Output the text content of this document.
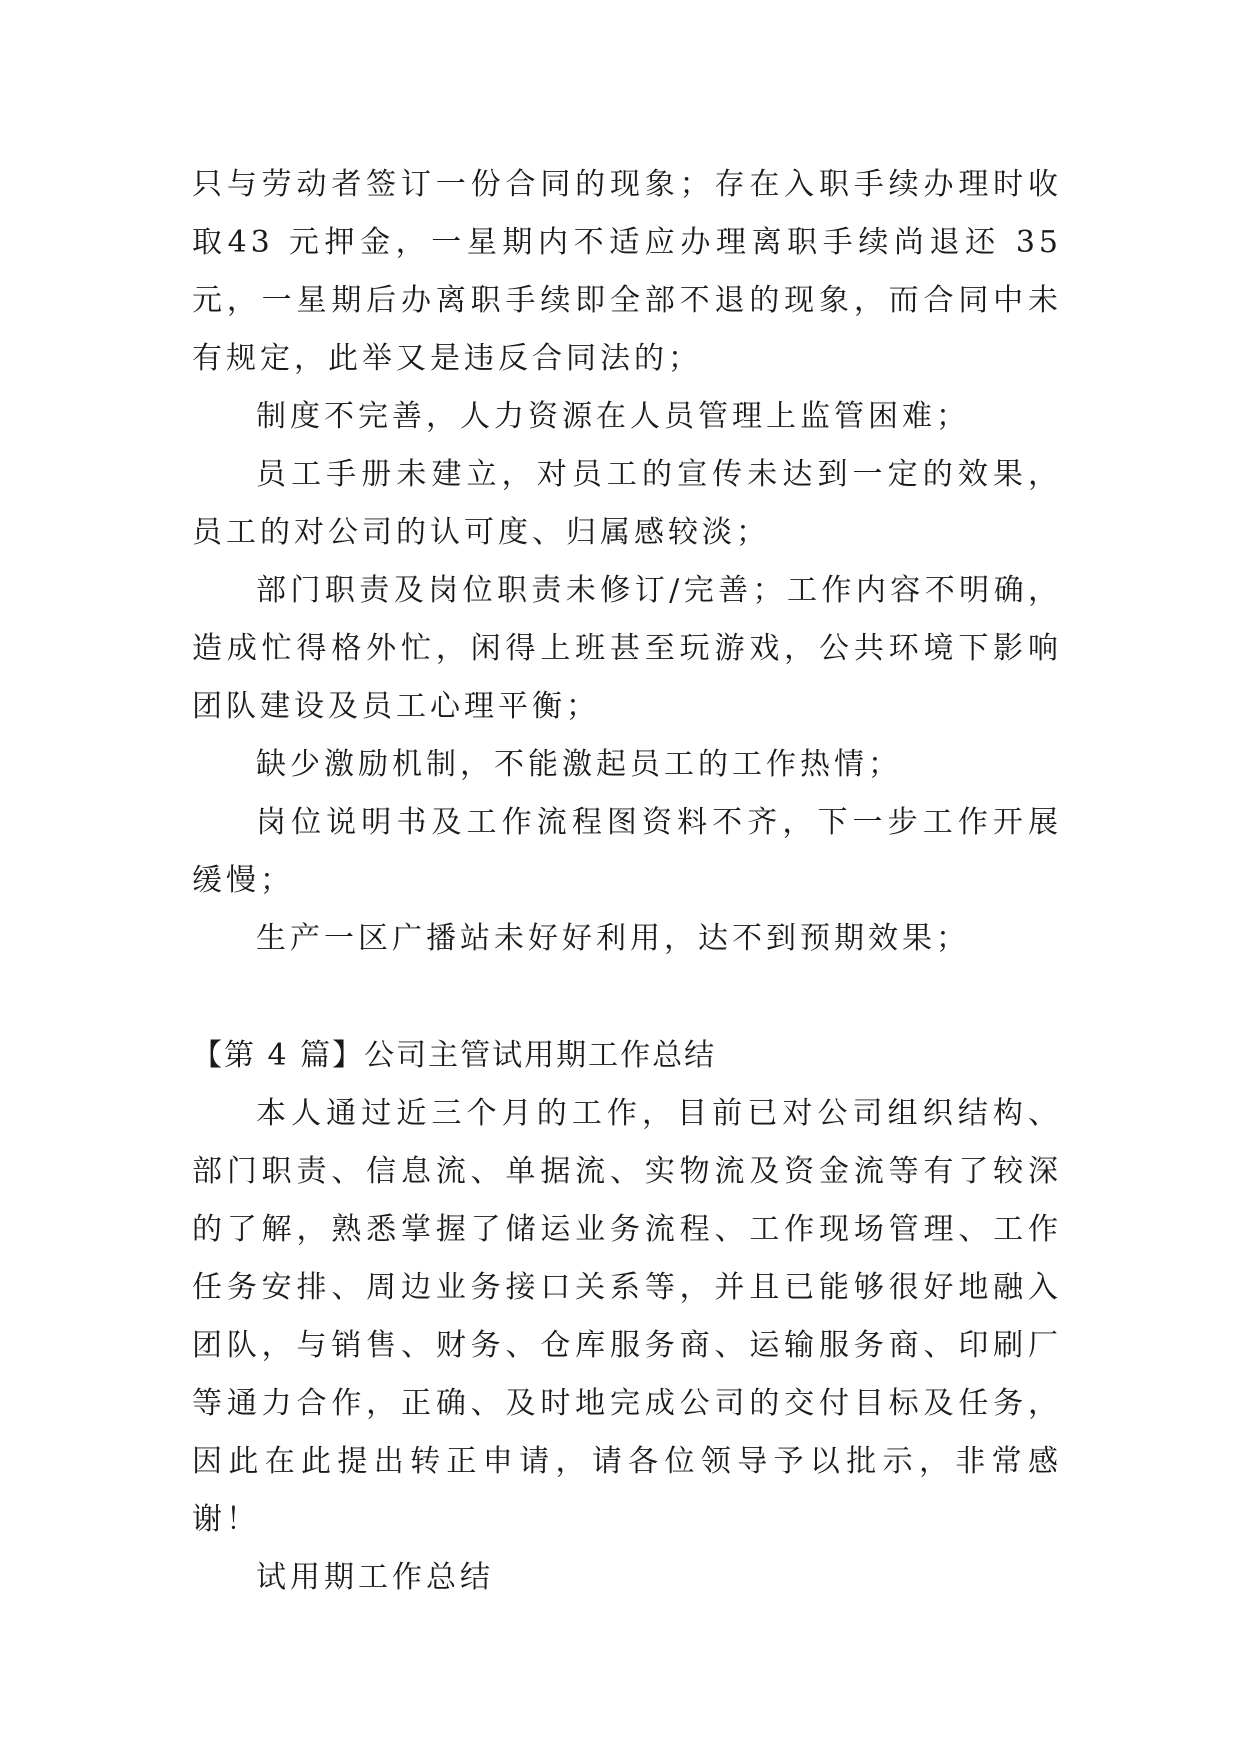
只与劳动者签订一份合同的现象；存在入职手续办理时收取43 元押金，一星期内不适应办理离职手续尚退还 35 元，一星期后办离职手续即全部不退的现象，而合同中未有规定，此举又是违反合同法的；

制度不完善，人力资源在人员管理上监管困难；

员工手册未建立，对员工的宣传未达到一定的效果，员工的对公司的认可度、归属感较淡；

部门职责及岗位职责未修订/完善；工作内容不明确，造成忙得格外忙，闲得上班甚至玩游戏，公共环境下影响团队建设及员工心理平衡；

缺少激励机制，不能激起员工的工作热情；

岗位说明书及工作流程图资料不齐，下一步工作开展缓慢；

生产一区广播站未好好利用，达不到预期效果；

【第 4 篇】公司主管试用期工作总结

本人通过近三个月的工作，目前已对公司组织结构、部门职责、信息流、单据流、实物流及资金流等有了较深的了解，熟悉掌握了储运业务流程、工作现场管理、工作任务安排、周边业务接口关系等，并且已能够很好地融入团队，与销售、财务、仓库服务商、运输服务商、印刷厂等通力合作，正确、及时地完成公司的交付目标及任务，因此在此提出转正申请，请各位领导予以批示，非常感谢！

试用期工作总结
